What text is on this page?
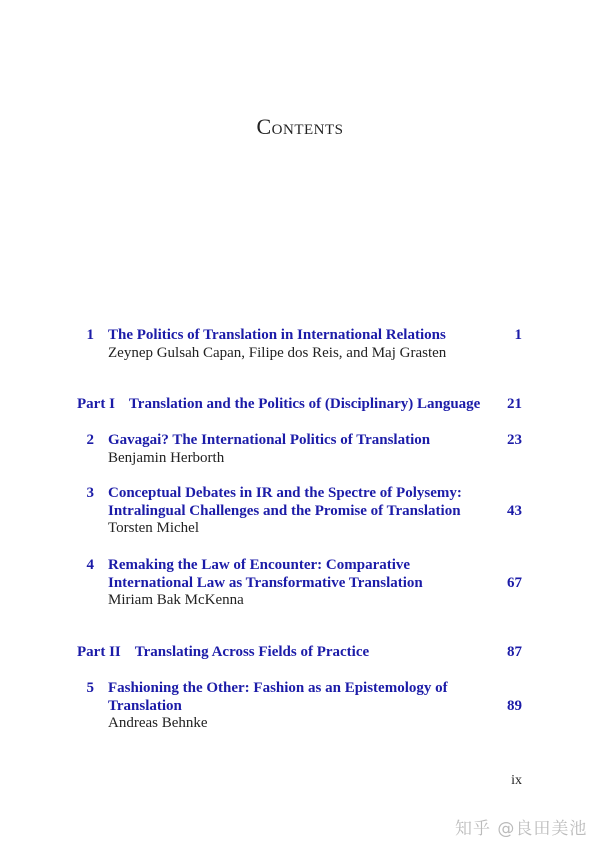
Contents
1 The Politics of Translation in International Relations
Zeynep Gulsah Capan, Filipe dos Reis, and Maj Grasten
1
Part I Translation and the Politics of (Disciplinary) Language 21
2 Gavagai? The International Politics of Translation
Benjamin Herborth
23
3 Conceptual Debates in IR and the Spectre of Polysemy: Intralingual Challenges and the Promise of Translation
Torsten Michel
43
4 Remaking the Law of Encounter: Comparative International Law as Transformative Translation
Miriam Bak McKenna
67
Part II Translating Across Fields of Practice	87
5 Fashioning the Other: Fashion as an Epistemology of Translation
Andreas Behnke
89
ix
知乎 @良田美池
